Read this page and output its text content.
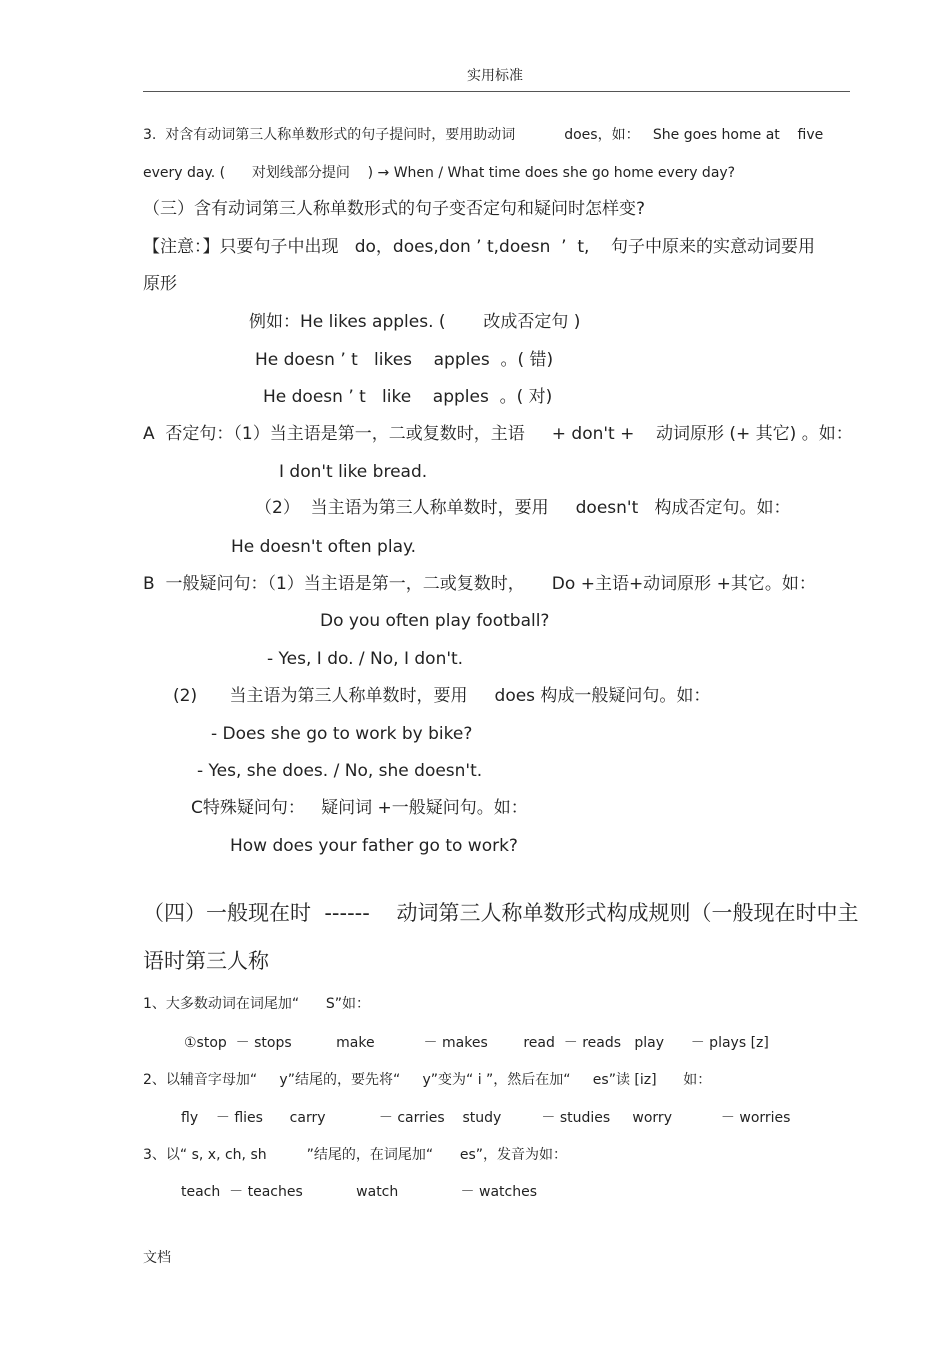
实用标准
3.  对含有动词第三人称单数形式的句子提问时，要用助动词           does，如：   She goes home at    five
every day. (      对划线部分提问    ) → When / What time does she go home every day?
（三）含有动词第三人称单数形式的句子变否定句和疑问时怎样变?
【注意：】只要句子中出现   do，does,don ’ t,doesn  ’  t,    句子中原来的实意动词要用
原形
例如：He likes apples. (       改成否定句 )
He doesn ’ t   likes    apples  。( 错)
He doesn ’ t   like    apples  。( 对)
A  否定句：（1）当主语是第一，二或复数时，主语     + don't +    动词原形 (+ 其它) 。如：
I don't like bread.
（2）  当主语为第三人称单数时，要用     doesn't   构成否定句。如：
He doesn't often play.
B  一般疑问句：（1）当主语是第一，二或复数时，     Do +主语+动词原形 +其它。如：
Do you often play football?
- Yes, I do. / No, I don't.
(2)      当主语为第三人称单数时，要用     does 构成一般疑问句。如：
- Does she go to work by bike?
- Yes, she does. / No, she doesn't.
C特殊疑问句：   疑问词 +一般疑问句。如：
How does your father go to work?
（四）一般现在时  ------    动词第三人称单数形式构成规则（一般现在时中主
语时第三人称
1、大多数动词在词尾加“      S”如：
①stop  － stops          make           － makes        read  － reads   play      － plays [z]
2、以辅音字母加“     y”结尾的，要先将“     y”变为“ i ”，然后在加“     es”读 [iz]      如：
fly    － flies      carry            － carries    study         － studies     worry           － worries
3、以“ s, x, ch, sh         ”结尾的，在词尾加“      es”，发音为如：
teach  － teaches            watch              － watches
文档
